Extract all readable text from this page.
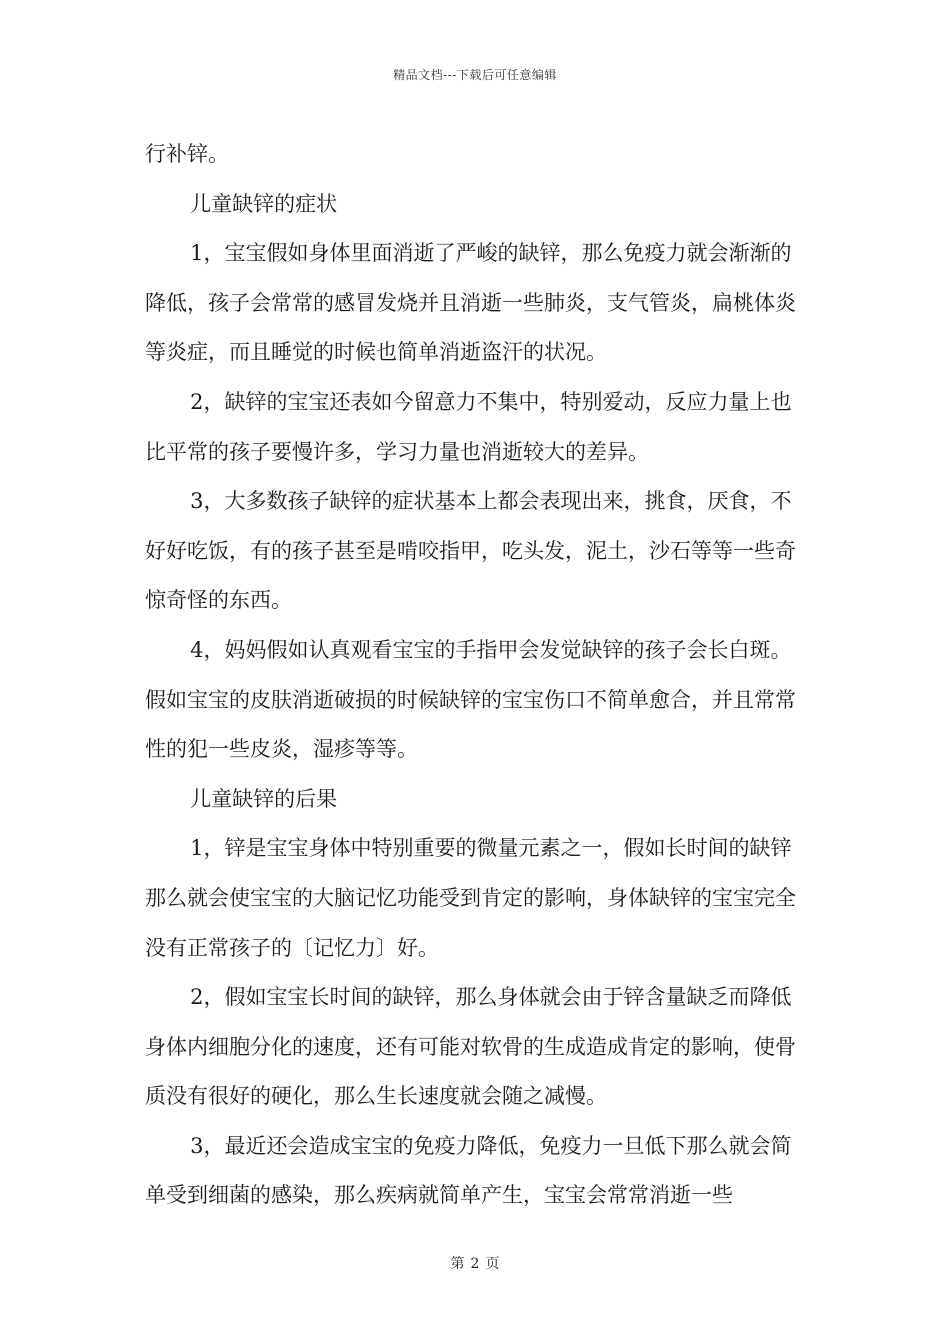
精品文档---下载后可任意编辑

行补锌。

儿童缺锌的症状

1，宝宝假如身体里面消逝了严峻的缺锌，那么免疫力就会渐渐的降低，孩子会常常的感冒发烧并且消逝一些肺炎，支气管炎，扁桃体炎等炎症，而且睡觉的时候也简单消逝盗汗的状况。

2，缺锌的宝宝还表如今留意力不集中，特别爱动，反应力量上也比平常的孩子要慢许多，学习力量也消逝较大的差异。

3，大多数孩子缺锌的症状基本上都会表现出来，挑食，厌食，不好好吃饭，有的孩子甚至是啃咬指甲，吃头发，泥土，沙石等等一些奇惊奇怪的东西。

4，妈妈假如认真观看宝宝的手指甲会发觉缺锌的孩子会长白斑。假如宝宝的皮肤消逝破损的时候缺锌的宝宝伤口不简单愈合，并且常常性的犯一些皮炎，湿疹等等。

儿童缺锌的后果

1，锌是宝宝身体中特别重要的微量元素之一，假如长时间的缺锌那么就会使宝宝的大脑记忆功能受到肯定的影响，身体缺锌的宝宝完全没有正常孩子的〔记忆力〕好。

2，假如宝宝长时间的缺锌，那么身体就会由于锌含量缺乏而降低身体内细胞分化的速度，还有可能对软骨的生成造成肯定的影响，使骨质没有很好的硬化，那么生长速度就会随之减慢。

3，最近还会造成宝宝的免疫力降低，免疫力一旦低下那么就会简单受到细菌的感染，那么疾病就简单产生，宝宝会常常消逝一些

第 2 页
